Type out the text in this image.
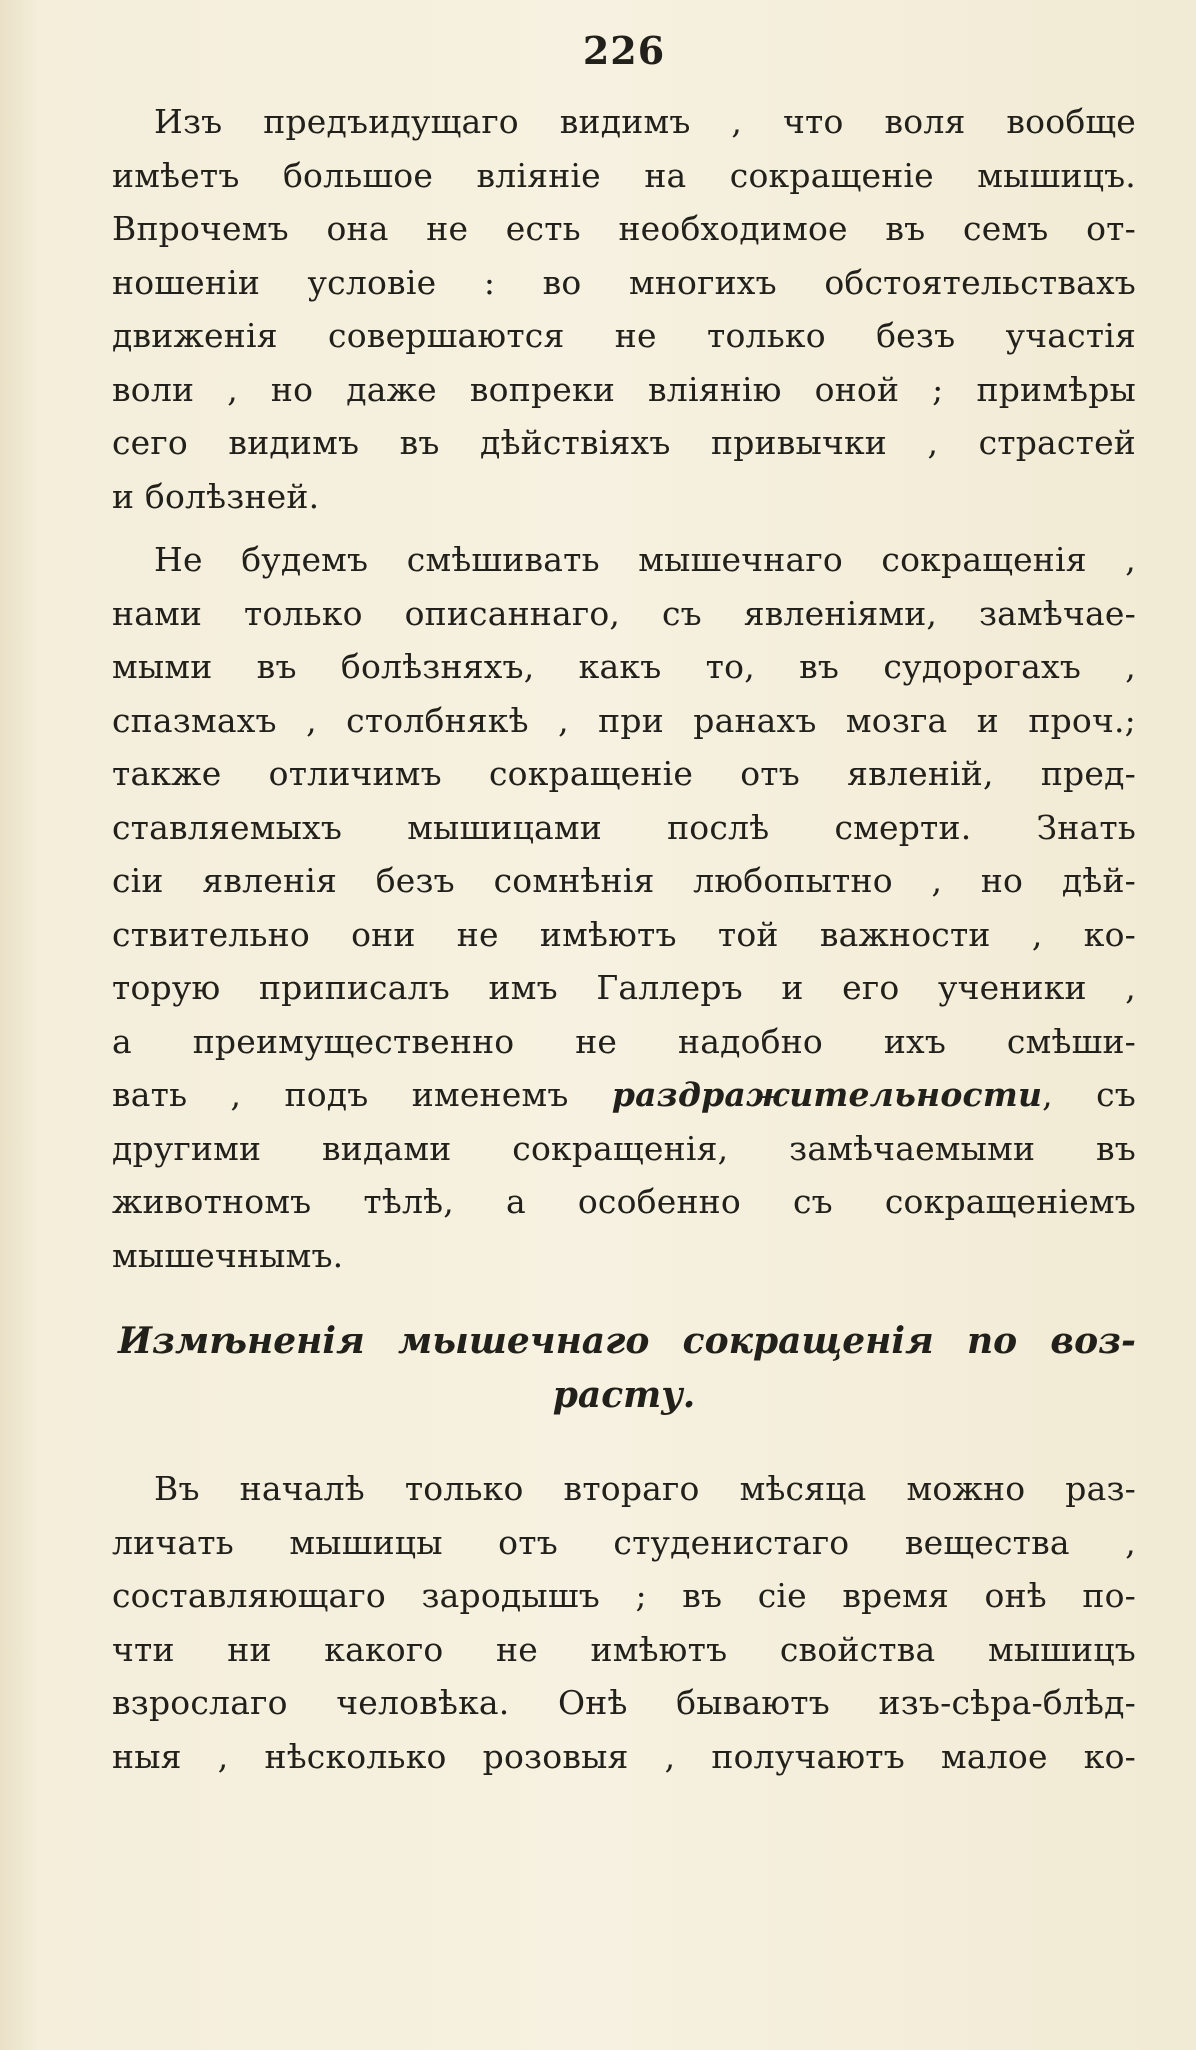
226
Изъ предъидущаго видимъ , что воля вообще
имѣетъ большое вліяніе на сокращеніе мышицъ.
Впрочемъ она не есть необходимое въ семъ от-
ношеніи условіе : во многихъ обстоятельствахъ
движенія совершаются не только безъ участія
воли , но даже вопреки вліянію оной ; примѣры
сего видимъ въ дѣйствіяхъ привычки , страстей
и болѣзней.
Не будемъ смѣшивать мышечнаго сокращенія ,
нами только описаннаго, съ явленіями, замѣчае-
мыми въ болѣзняхъ, какъ то, въ судорогахъ ,
спазмахъ , столбнякѣ , при ранахъ мозга и проч.;
также отличимъ сокращеніе отъ явленій, пред-
ставляемыхъ мышицами послѣ смерти. Знать
сіи явленія безъ сомнѣнія любопытно , но дѣй-
ствительно они не имѣютъ той важности , ко-
торую приписалъ имъ Галлеръ и его ученики ,
а преимущественно не надобно ихъ смѣши-
вать , подъ именемъ раздражительности, съ
другими видами сокращенія, замѣчаемыми въ
животномъ тѣлѣ, а особенно съ сокращеніемъ
мышечнымъ.
Измѣненія мышечнаго сокращенія по воз-
расту.
Въ началѣ только втораго мѣсяца можно раз-
личать мышицы отъ студенистаго вещества ,
составляющаго зародышъ ; въ сіе время онѣ по-
чти ни какого не имѣютъ свойства мышицъ
взрослаго человѣка. Онѣ бываютъ изъ-сѣра-блѣд-
ныя , нѣсколько розовыя , получаютъ малое ко-
